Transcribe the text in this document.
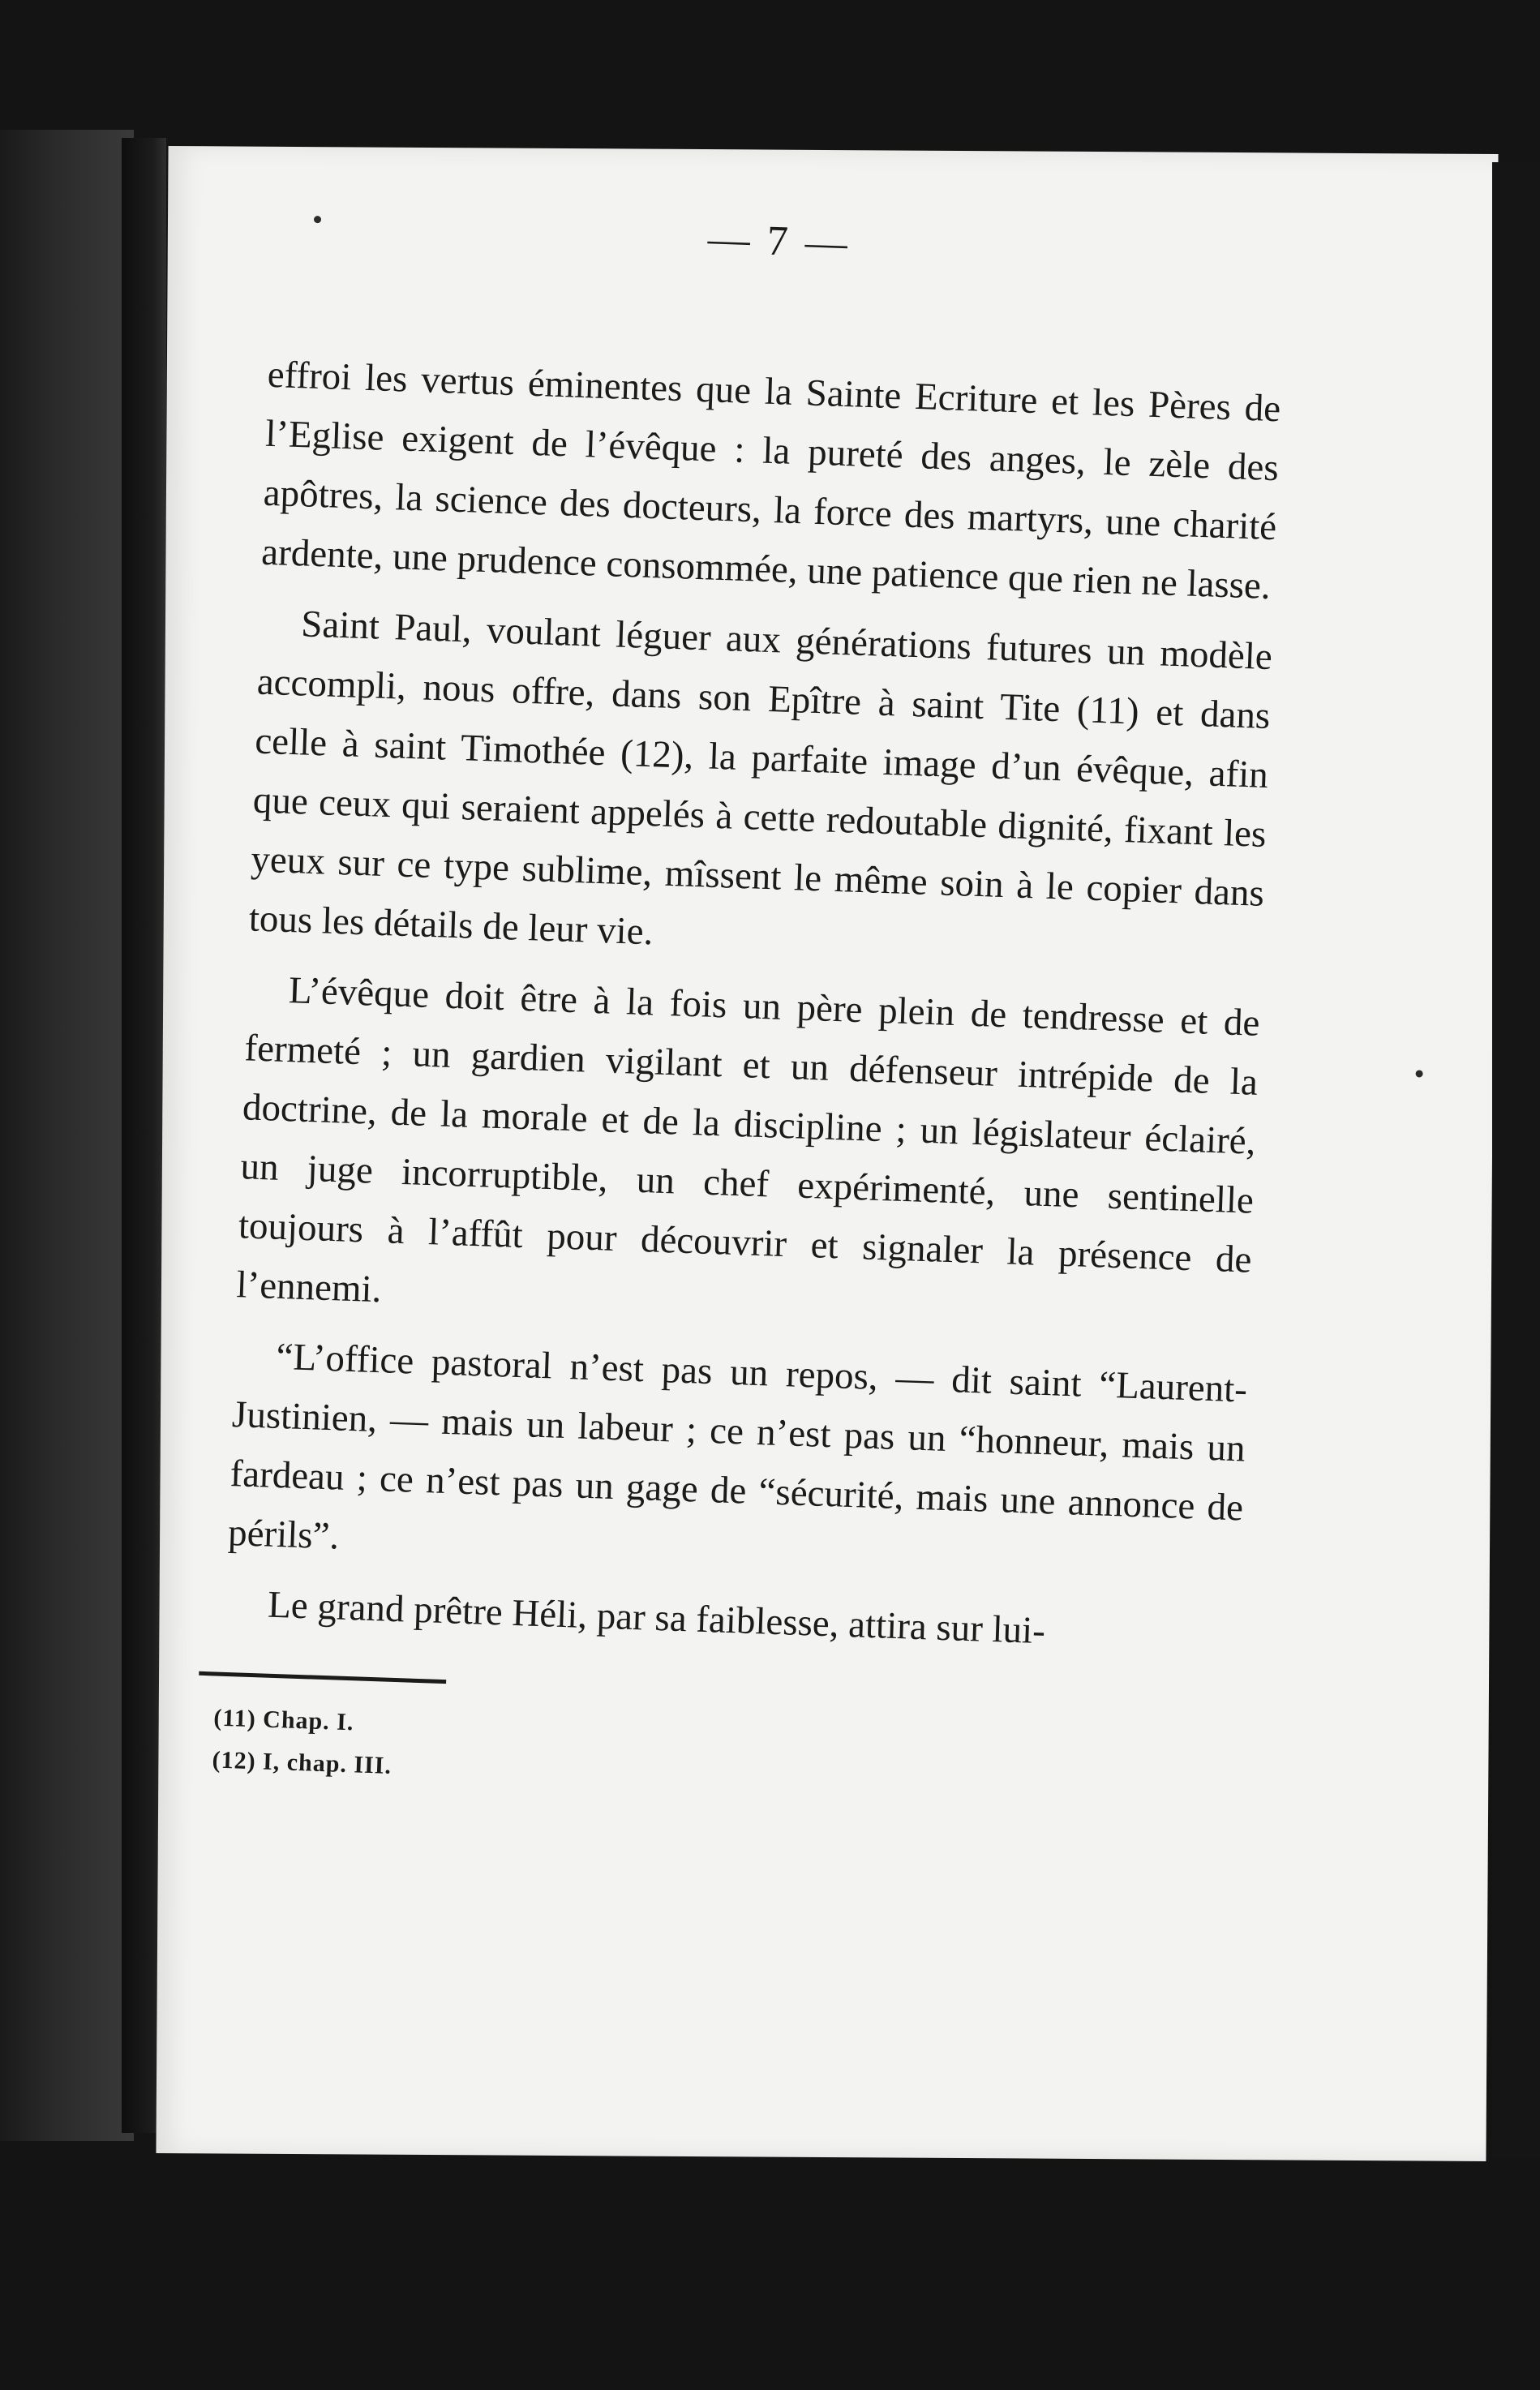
— 7 —

effroi les vertus éminentes que la Sainte Ecriture et les Pères de l’Eglise exigent de l’évêque : la pureté des anges, le zèle des apôtres, la science des docteurs, la force des martyrs, une charité ardente, une prudence consommée, une patience que rien ne lasse.

Saint Paul, voulant léguer aux générations futures un modèle accompli, nous offre, dans son Epître à saint Tite (11) et dans celle à saint Timothée (12), la parfaite image d’un évêque, afin que ceux qui seraient appelés à cette redoutable dignité, fixant les yeux sur ce type sublime, mîssent le même soin à le copier dans tous les détails de leur vie.

L’évêque doit être à la fois un père plein de tendresse et de fermeté ; un gardien vigilant et un défenseur intrépide de la doctrine, de la morale et de la discipline ; un législateur éclairé, un juge incorruptible, un chef expérimenté, une sentinelle toujours à l’affût pour découvrir et signaler la présence de l’ennemi.

“L’office pastoral n’est pas un repos, — dit saint “Laurent-Justinien, — mais un labeur ; ce n’est pas un “honneur, mais un fardeau ; ce n’est pas un gage de “sécurité, mais une annonce de périls”.

Le grand prêtre Héli, par sa faiblesse, attira sur lui-

(11) Chap. I.
(12) I, chap. III.
